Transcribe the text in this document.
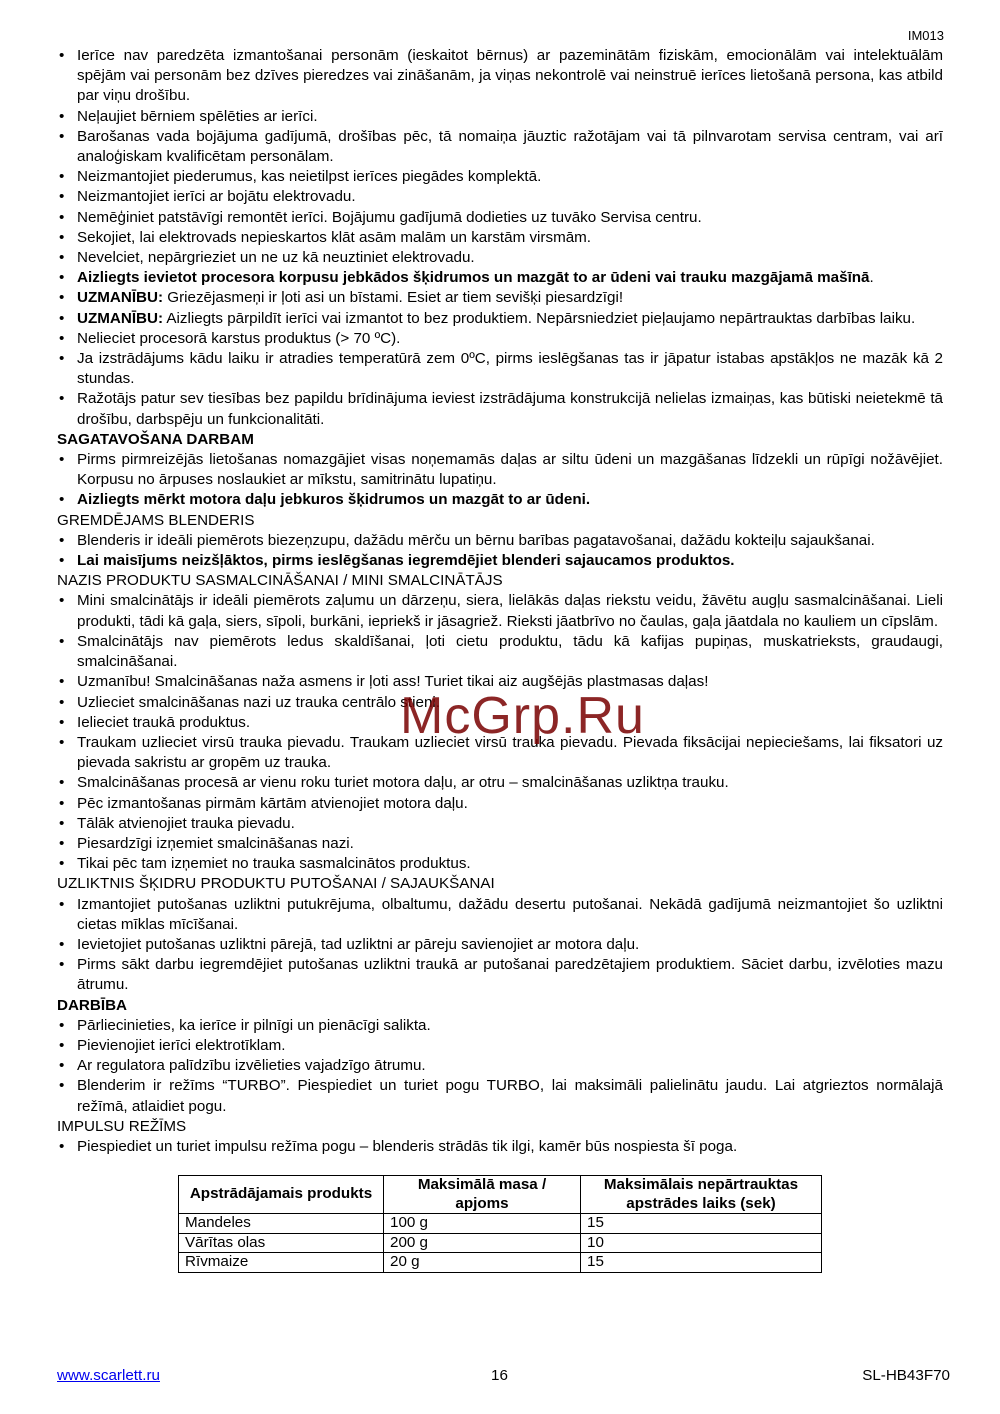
IM013
• Ierīce nav paredzēta izmantošanai personām (ieskaitot bērnus) ar pazeminātām fiziskām, emocionālām vai intelektuālām spējām vai personām bez dzīves pieredzes vai zināšanām, ja viņas nekontrolē vai neinstruē ierīces lietošanā persona, kas atbild par viņu drošību.
• Neļaujiet bērniem spēlēties ar ierīci.
• Barošanas vada bojājuma gadījumā, drošības pēc, tā nomaiņa jāuztic ražotājam vai tā pilnvarotam servisa centram, vai arī analoģiskam kvalificētam personālam.
• Neizmantojiet piederumus, kas neietilpst ierīces piegādes komplektā.
• Neizmantojiet ierīci ar bojātu elektrovadu.
• Nemēģiniet patstāvīgi remontēt ierīci. Bojājumu gadījumā dodieties uz tuvāko Servisa centru.
• Sekojiet, lai elektrovads nepieskartos klāt asām malām un karstām virsmām.
• Nevelciet, nepārgrieziet un ne uz kā neuztiniet elektrovadu.
• Aizliegts ievietot procesora korpusu jebkādos šķidrumos un mazgāt to ar ūdeni vai trauku mazgājamā mašīnā.
• UZMANĪBU: Griezējasmeņi ir ļoti asi un bīstami. Esiet ar tiem sevišķi piesardzīgi!
• UZMANĪBU: Aizliegts pārpildīt ierīci vai izmantot to bez produktiem. Nepārsniedziet pieļaujamo nepārtrauktas darbības laiku.
• Nelieciet procesorā karstus produktus (> 70 ºC).
• Ja izstrādājums kādu laiku ir atradies temperatūrā zem 0ºC, pirms ieslēgšanas tas ir jāpatur istabas apstākļos ne mazāk kā 2 stundas.
• Ražotājs patur sev tiesības bez papildu brīdinājuma ieviest izstrādājuma konstrukcijā nelielas izmaiņas, kas būtiski neietekmē tā drošību, darbspēju un funkcionalitāti.
SAGATAVOŠANA DARBAM
• Pirms pirmreizējās lietošanas nomazgājiet visas noņemamās daļas ar siltu ūdeni un mazgāšanas līdzekli un rūpīgi nožāvējiet. Korpusu no ārpuses noslaukiet ar mīkstu, samitrinātu lupatiņu.
• Aizliegts mērkt motora daļu jebkuros šķidrumos un mazgāt to ar ūdeni.
GREMDĒJAMS BLENDERIS
• Blenderis ir ideāli piemērots biezeņzupu, dažādu mērču un bērnu barības pagatavošanai, dažādu kokteiļu sajaukšanai.
• Lai maisījums neizšļāktos, pirms ieslēgšanas iegremdējiet blenderi sajaucamos produktos.
NAZIS PRODUKTU SASMALCINĀŠANAI / MINI SMALCINĀTĀJS
• Mini smalcinātājs ir ideāli piemērots zaļumu un dārzeņu, siera, lielākās daļas riekstu veidu, žāvētu augļu sasmalcināšanai. Lieli produkti, tādi kā gaļa, siers, sīpoli, burkāni, iepriekš ir jāsagriež. Rieksti jāatbrīvo no čaulas, gaļa jāatdala no kauliem un cīpslām.
• Smalcinātājs nav piemērots ledus skaldīšanai, ļoti cietu produktu, tādu kā kafijas pupiņas, muskatrieksts, graudaugi, smalcināšanai.
• Uzmanību! Smalcināšanas naža asmens ir ļoti ass! Turiet tikai aiz augšējās plastmasas daļas!
• Uzlieciet smalcināšanas nazi uz trauka centrālo stieni.
• Ielieciet traukā produktus.
• Traukam uzlieciet virsū trauka pievadu. Traukam uzlieciet virsū trauka pievadu. Pievada fiksācijai nepieciešams, lai fiksatori uz pievada sakristu ar gropēm uz trauka.
• Smalcināšanas procesā ar vienu roku turiet motora daļu, ar otru – smalcināšanas uzliktņa trauku.
• Pēc izmantošanas pirmām kārtām atvienojiet motora daļu.
• Tālāk atvienojiet trauka pievadu.
• Piesardzīgi izņemiet smalcināšanas nazi.
• Tikai pēc tam izņemiet no trauka sasmalcinātos produktus.
UZLIKTNIS ŠĶIDRU PRODUKTU PUTOŠANAI / SAJAUKŠANAI
• Izmantojiet putošanas uzliktni putukrējuma, olbaltumu, dažādu desertu putošanai. Nekādā gadījumā neizmantojiet šo uzliktni cietas mīklas mīcīšanai.
• Ievietojiet putošanas uzliktni pārejā, tad uzliktni ar pāreju savienojiet ar motora daļu.
• Pirms sākt darbu iegremdējiet putošanas uzliktni traukā ar putošanai paredzētajiem produktiem. Sāciet darbu, izvēloties mazu ātrumu.
DARBĪBA
• Pārliecinieties, ka ierīce ir pilnīgi un pienācīgi salikta.
• Pievienojiet ierīci elektrotīklam.
• Ar regulatora palīdzību izvēlieties vajadzīgo ātrumu.
• Blenderim ir režīms “TURBO”. Piespiediet un turiet pogu TURBO, lai maksimāli palielinātu jaudu. Lai atgrieztos normālajā režīmā, atlaidiet pogu.
IMPULSU REŽĪMS
• Piespiediet un turiet impulsu režīma pogu – blenderis strādās tik ilgi, kamēr būs nospiesta šī poga.
Apstrādājamais produkts	Maksimālā masa / apjoms	Maksimālais nepārtrauktas apstrādes laiks (sek)
Mandeles	100 g	15
Vārītas olas	200 g	10
Rīvmaize	20 g	15
McGrp.Ru
www.scarlett.ru	16	SL-HB43F70
